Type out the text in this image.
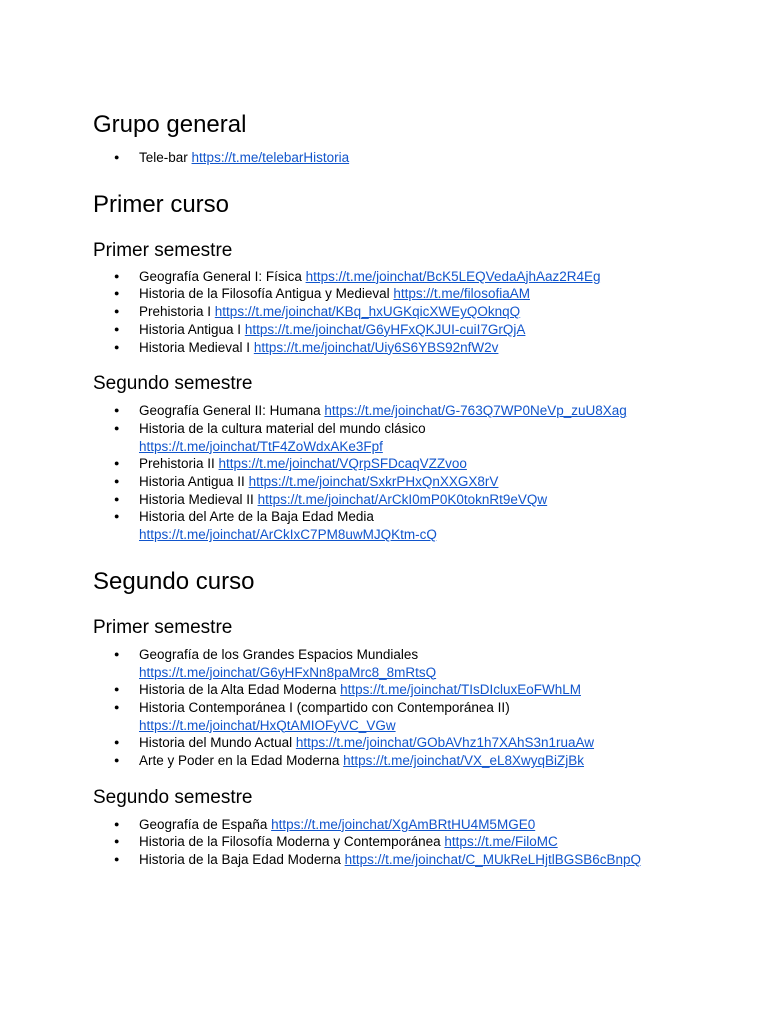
Grupo general
● Tele-bar https://t.me/telebarHistoria
Primer curso
Primer semestre
● Geografía General I: Física https://t.me/joinchat/BcK5LEQVedaAjhAaz2R4Eg
● Historia de la Filosofía Antigua y Medieval https://t.me/filosofiaAM
● Prehistoria I https://t.me/joinchat/KBq_hxUGKqicXWEyQOknqQ
● Historia Antigua I https://t.me/joinchat/G6yHFxQKJUI-cuiI7GrQjA
● Historia Medieval I https://t.me/joinchat/Uiy6S6YBS92nfW2v
Segundo semestre
● Geografía General II: Humana https://t.me/joinchat/G-763Q7WP0NeVp_zuU8Xag
● Historia de la cultura material del mundo clásico
https://t.me/joinchat/TtF4ZoWdxAKe3Fpf
● Prehistoria II https://t.me/joinchat/VQrpSFDcaqVZZvoo
● Historia Antigua II https://t.me/joinchat/SxkrPHxQnXXGX8rV
● Historia Medieval II https://t.me/joinchat/ArCkI0mP0K0toknRt9eVQw
● Historia del Arte de la Baja Edad Media
https://t.me/joinchat/ArCkIxC7PM8uwMJQKtm-cQ
Segundo curso
Primer semestre
● Geografía de los Grandes Espacios Mundiales
https://t.me/joinchat/G6yHFxNn8paMrc8_8mRtsQ
● Historia de la Alta Edad Moderna https://t.me/joinchat/TIsDIcluxEoFWhLM
● Historia Contemporánea I (compartido con Contemporánea II)
https://t.me/joinchat/HxQtAMIOFyVC_VGw
● Historia del Mundo Actual https://t.me/joinchat/GObAVhz1h7XAhS3n1ruaAw
● Arte y Poder en la Edad Moderna https://t.me/joinchat/VX_eL8XwyqBiZjBk
Segundo semestre
● Geografía de España https://t.me/joinchat/XgAmBRtHU4M5MGE0
● Historia de la Filosofía Moderna y Contemporánea https://t.me/FiloMC
● Historia de la Baja Edad Moderna https://t.me/joinchat/C_MUkReLHjtlBGSB6cBnpQ
